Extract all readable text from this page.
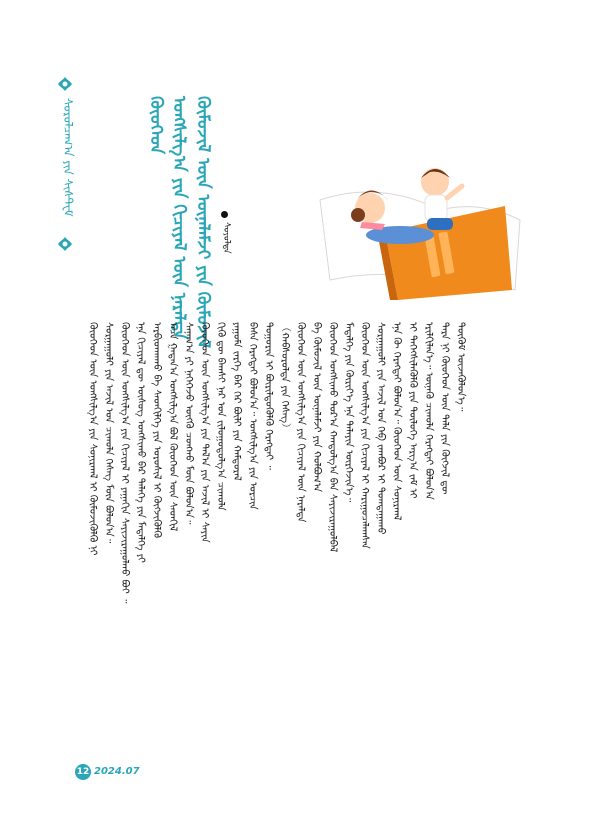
ᠰᠤᠷᠤᠯᠴᠠᠭ᠎ᠠ ᠶᠢᠨ ᠰᠢᠰᠲ᠋ᠧᠮ	ᠬᠦᠦᠬᠡᠳ ᠤᠩᠰᠢᠯᠭ᠎ᠠ ᠶᠢᠨ ᠬᠢᠴᠢᠶᠡᠯ ᠦᠨ ᠨᠡᠷᠡᠯᠲᠡ ᠬᠦᠮᠦᠵᠢᠯ ᠦᠨ ᠦᠨᠡᠯᠡᠮᠵᠢ ᠶᠢᠨ ᠬᠦᠮᠦᠵᠢᠯ ᠰᠣᠶᠤᠯᠲᠠ
ᠬᠦᠦᠬᠡᠳ ᠦᠨ ᠤᠩᠰᠢᠯᠭ᠎ᠠ ᠶᠢᠨ ᠰᠣᠨᠢᠷᠬᠠᠯ ᠢ ᠬᠦᠮᠦᠵᠢᠭᠦᠯᠬᠦ ᠨᠢ ᠰᠤᠷᠭᠠᠭᠤᠯᠢ ᠶᠢᠨ ᠠᠵᠢᠯ ᠤᠨ ᠴᠢᠬᠤᠯᠠ ᠬᠡᠰᠡᠭ ᠮᠦᠨ ᠪᠣᠯᠤᠨ᠎ᠠ᠃ ᠬᠦᠦᠬᠡᠳ ᠦᠨ ᠤᠩᠰᠢᠯᠭ᠎ᠠ ᠶᠢᠨ ᠬᠢᠴᠢᠶᠡᠯ ᠢ ᠶᠠᠭᠠᠬᠢᠨ ᠰᠠᠶᠢᠵᠢᠷᠠᠭᠤᠯᠬᠤ ᠪᠤᠢ ᠃ ᠡᠨᠡ ᠬᠢᠴᠢᠶᠡᠯ ᠳᠦ ᠦᠰᠦᠭ ᠤᠩᠰᠢᠬᠤ ᠪᠠᠷ ᠲᠡᠯᠡᠭᠡ ᠶᠢᠨ ᠮᠡᠳᠡᠯᠭᠡ ᠶᠢ ᠠᠷᠪᠢᠳᠬᠠᠬᠤ ᠪᠠ ᠰᠡᠳᠬᠢᠯᠭᠡ ᠶᠢᠨ ᠤᠷᠤᠰᠢᠯ ᠢ ᠬᠦᠭᠵᠢᠭᠦᠯᠬᠦ ᠠᠴᠠ ᠭᠠᠳᠠᠨ᠎ᠠ ᠤᠩᠰᠢᠯᠭ᠎ᠠ ᠪᠣᠯ ᠬᠦᠦᠬᠡᠳ ᠦᠨ ᠰᠡᠳᠬᠢᠯ ᠰᠠᠨᠠᠭ᠎ᠠ ᠶᠢ ᠨᠡᠭᠡᠭᠡᠵᠦ ᠥᠭᠬᠦ ᠴᠣᠩᠬᠣ ᠮᠥᠨ ᠪᠣᠯᠤᠨ᠎ᠠ᠃ ᠬᠦᠦᠬᠡᠳ ᠦᠨ ᠤᠩᠰᠢᠯᠭ᠎ᠠ ᠶᠢᠨ ᠲᠠᠯ᠎ᠠ ᠶᠢᠨ ᠠᠵᠢᠯ ᠢ ᠰᠠᠶᠢᠨ ᠬᠢᠬᠦ ᠳᠦ ᠪᠠᠭᠰᠢ ᠨᠠᠷ ᠤᠨ ᠵᠢᠯᠣᠭᠣᠳᠤᠯᠭ᠎ᠠ ᠴᠢᠬᠤᠯᠠ ᠶᠠᠭᠤᠮᠠ ᠵᠡᠷᠭᠡ ᠪᠡᠷ ᠭᠡᠷ ᠪᠦᠯᠢ ᠶᠢᠨ ᠬᠠᠮᠲᠤᠷᠠᠯ ᠪᠠᠰᠠ ᠬᠡᠷᠡᠭᠲᠡᠢ ᠪᠣᠯᠤᠨ᠎ᠠ᠃ ᠤᠩᠰᠢᠯᠭ᠎ᠠ ᠶᠢᠨ ᠣᠷᠴᠢᠨ ᠲᠣᠭᠣᠷᠢᠨ ᠢ ᠪᠦᠷᠢᠯᠳᠦᠭᠦᠯᠬᠦ ᠬᠡᠷᠡᠭᠲᠡᠢ ᠃ （ᠬᠠᠪᠰᠤᠷᠤᠯᠲᠠ ᠶᠢᠨ ᠬᠡᠰᠡᠭ） ᠬᠦᠦᠬᠡᠳ ᠦᠨ ᠤᠩᠰᠢᠯᠭ᠎ᠠ ᠶᠢᠨ ᠬᠢᠴᠢᠶᠡᠯ ᠦᠨ ᠨᠡᠷᠡᠯᠲᠡ ᠪᠠ ᠬᠦᠮᠦᠵᠢᠯ ᠦᠨ ᠦᠨᠡᠯᠡᠮᠵᠢ ᠶᠢᠨ ᠬᠣᠯᠪᠣᠭ᠎ᠠ ᠬᠦᠦᠬᠡᠳ ᠤᠩᠰᠢᠬᠤ ᠳᠤᠷ᠎ᠠ ᠬᠠᠨᠳᠤᠯᠭ᠎ᠠ ᠪᠡᠨ ᠰᠠᠶᠢᠵᠢᠷᠠᠭᠤᠯᠪᠠᠯ ᠮᠡᠳᠡᠯᠭᠡ ᠶᠢᠨ ᠬᠦᠷᠢᠶ᠎ᠡ ᠡᠨᠡ ᠲᠡᠯᠡᠶᠢᠨ ᠥᠷᠭᠡᠵᠢᠨ᠎ᠡ᠃ ᠬᠦᠦᠬᠡᠳ ᠦᠨ ᠤᠩᠰᠢᠯᠭ᠎ᠠ ᠶᠢᠨ ᠬᠢᠴᠢᠶᠡᠯ ᠢ ᠬᠠᠷᠢᠭᠤᠴᠠᠯᠠᠭᠰᠠᠨ ᠰᠤᠷᠭᠠᠭᠤᠯᠢ ᠶᠢᠨ ᠠᠵᠢᠯ ᠤᠨ ᠬᠡᠪ ᠵᠠᠭᠪᠤᠷ ᠢ ᠲᠣᠭᠲᠠᠭᠠᠬᠤ ᠡᠨᠡ ᠬᠦ ᠬᠡᠷᠡᠭᠲᠡᠢ ᠪᠣᠯᠤᠨ᠎ᠠ᠃ ᠬᠦᠦᠬᠡᠳ ᠦᠨ ᠰᠣᠨᠢᠷᠬᠠᠯ ᠢ ᠳᠡᠭᠡᠭᠰᠢᠯᠡᠭᠦᠯᠬᠦ ᠶᠢᠨ ᠲᠥᠯᠦᠭᠡ ᠠᠷᠭ᠎ᠠ ᠵᠠᠮ ᠢ ᠡᠷᠢᠯᠬᠢᠯᠡᠨ᠎ᠡ᠃ ᠦᠨᠡᠬᠦ ᠴᠢᠬᠤᠯᠠ ᠬᠡᠷᠡᠭᠲᠡᠢ ᠪᠣᠯᠤᠨ᠎ᠠ ᠲᠡᠷᠡ ᠨᠢ ᠬᠦᠦᠬᠡᠳ ᠦᠨ ᠲᠡᠯᠡ ᠶᠢᠨ ᠬᠥᠭᠵᠢᠯ ᠳᠦ ᠳᠥᠭᠥᠮ ᠦᠵᠡᠭᠦᠯᠦᠨ᠎ᠡ᠃
12 2024.07
